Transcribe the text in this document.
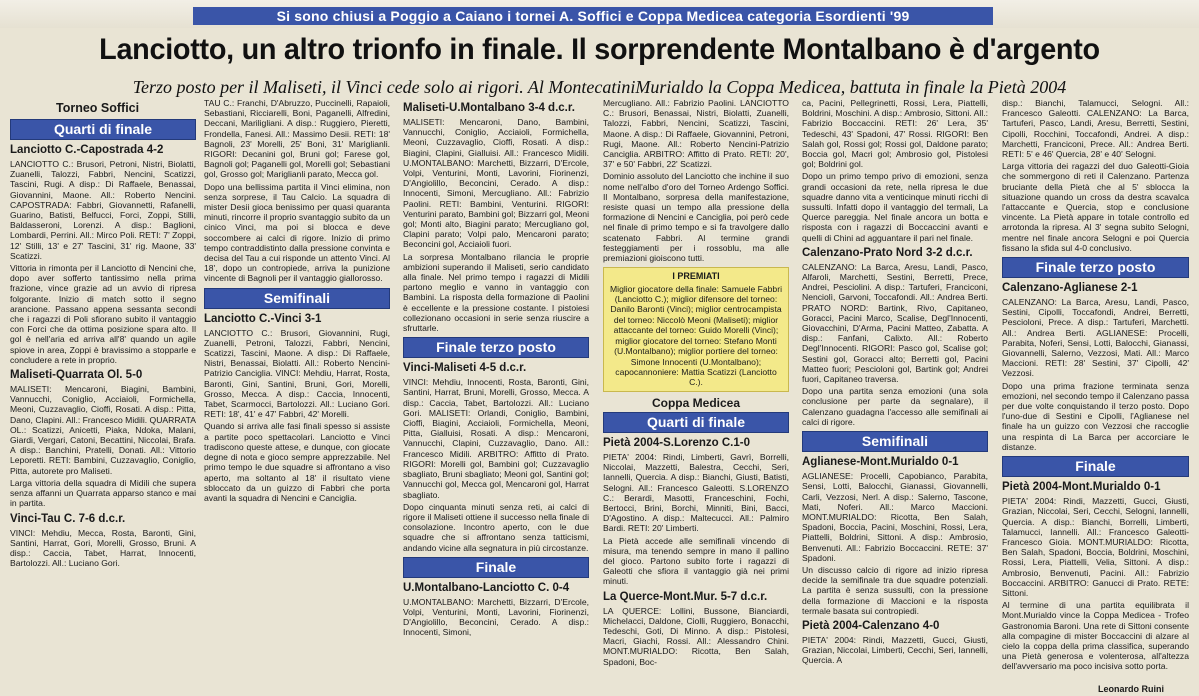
Si sono chiusi a Poggio a Caiano i tornei A. Soffici e Coppa Medicea categoria Esordienti '99
Lanciotto, un altro trionfo in finale. Il sorprendente Montalbano è d'argento
Terzo posto per il Maliseti, il Vinci cede solo ai rigori. Al MontecatiniMurialdo la Coppa Medicea, battuta in finale la Pietà 2004
Torneo Soffici
Quarti di finale
Lanciotto C.-Capostrada 4-2

LANCIOTTO C.: Brusori, Petroni, Nistri, Biolatti, Zuanelli, Talozzi, Fabbri, Nencini, Scatizzi, Tascini, Rugi. A disp.: Di Raffaele, Benassai, Giovannini, Maone. All.: Roberto Nencini. CAPOSTRADA: Fabbri, Giovannetti, Rafanelli, Guarino, Batisti, Belfucci, Forci, Zoppi, Stilli, Baldasseroni, Lorenzi. A disp.: Baglioni, Lombardi, Perrini. All.: Mirco Poli. RETI: 7' Zoppi, 12' Stilli, 13' e 27' Tascini, 31' rig. Maone, 33' Scatizzi.

Vittoria in rimonta per il Lanciotto di Nencini che, dopo aver sofferto tantissimo nella prima frazione, vince grazie ad un avvio di ripresa folgorante. Inizio di match sotto il segno arancione. Passano appena sessanta secondi che i ragazzi di Poli sfiorano subito il vantaggio con Forci che da ottima posizione spara alto. Il gol è nell'aria ed arriva all'8' quando un agile spiove in area, Zoppi è bravissimo a stopparle e concludere a rete in proprio.

Maliseti-Quarrata Ol. 5-0

MALISETI: Mencaroni, Biagini, Bambini, Vannucchi, Coniglio, Acciaioli, Formichella, Meoni, Cuzzavaglio, Cioffi, Rosati. A disp.: Pitta, Dano, Clapini. All.: Francesco Midili. QUARRATA OL.: Scatizzi, Anicetti, Piaka, Ndoka, Malani, Giardi, Vergari, Catoni, Becattini, Niccolai, Brafa. A disp.: Banchini, Pratelli, Donati. All.: Vittorio Leporetti. RETI: Bambini, Cuzzavaglio, Coniglio, Pitta, autorete pro Maliseti.

Larga vittoria della squadra di Midili che supera senza affanni un Quarrata apparso stanco e mai in partita.

Vinci-Tau C. 7-6 d.c.r.

VINCI: Mehdiu, Mecca, Rosta, Baronti, Gini, Santini, Harrat, Gori, Morelli, Grosso, Bruni. A disp.: Caccia, Tabet, Harrat, Innocenti, Bartolozzi. All.: Luciano Gori.

TAU C.: Franchi, D'Abruzzo, Puccinelli, Rapaioli, Sebastiani, Ricciarelli, Boni, Paganelli, Alfredini, Deccani, Mariligliani. A disp.: Ruggiero, Pieretti, Frondella, Fanesi. All.: Massimo Desii. RETI: 18' Bagnoli, 23' Morelli, 25' Boni, 31' Mariglianli. RIGORI: Decanini gol, Bruni gol; Farese gol, Bagnoli gol; Paganelli gol, Morelli gol; Sebastiani gol, Grosso gol; Mariglianli parato, Mecca gol.

Dopo una bellissima partita il Vinci elimina, non senza sorprese, il Tau Calcio. La squadra di mister Desii gioca benissimo per quasi quaranta minuti, rincorre il proprio svantaggio subito da un cinico Vinci, ma poi si blocca e deve soccombere ai calci di rigore. Inizio di primo tempo contraddistinto dalla pressione convinta e decisa del Tau a cui risponde un attento Vinci. Al 18', dopo un contropiede, arriva la punizione vincente di Bagnoli per il vantaggio giallorosso.

Semifinali
Lanciotto C.-Vinci 3-1

LANCIOTTO C.: Brusori, Giovannini, Rugi, Zuanelli, Petroni, Talozzi, Fabbri, Nencini, Scatizzi, Tascini, Maone. A disp.: Di Raffaele, Nistri, Benassai, Biolatti. All.: Roberto Nencini-Patrizio Canciglia. VINCI: Mehdiu, Harrat, Rosta, Baronti, Gini, Santini, Bruni, Gori, Morelli, Grosso, Mecca. A disp.: Caccia, Innocenti, Tabet, Scarmocci, Bartolozzi. All.: Luciano Gori. RETI: 18', 41' e 47' Fabbri, 42' Morelli.

Quando si arriva alle fasi finali spesso si assiste a partite poco spettacolari. Lanciotto e Vinci tradiscono queste attese, e dunque, con giocate degne di nota e gioco sempre apprezzabile. Nel primo tempo le due squadre si affrontano a viso aperto, ma soltanto al 18' il risultato viene sbloccato da un guizzo di Fabbri che porta avanti la squadra di Nencini e Canciglia.

Maliseti-U.Montalbano 3-4 d.c.r.

MALISETI: Mencaroni, Dano, Bambini, Vannucchi, Coniglio, Acciaioli, Formichella, Meoni, Cuzzavaglio, Cioffi, Rosati. A disp.: Biagini, Clapini, Gialluisi. All.: Francesco Midili. U.MONTALBANO: Marchetti, Bizzarri, D'Ercole, Volpi, Venturini, Monti, Lavorini, Fiorinenzi, D'Angiolillo, Beconcini, Cerado. A disp.: Innocenti, Simoni, Mercugliano. All.: Fabrizio Paolini. RETI: Bambini, Venturini. RIGORI: Venturini parato, Bambini gol; Bizzarri gol, Meoni gol; Monti alto, Biagini parato; Mercugliano gol, Clapini parato; Volpi palo, Mencaroni parato; Beconcini gol, Acciaioli fuori.

La sorpresa Montalbano rilancia le proprie ambizioni superando il Maliseti, serio candidato alla finale. Nel primo tempo i ragazzi di Midili partono meglio e vanno in vantaggio con Bambini. La risposta della formazione di Paolini è eccellente e la pressione costante. I pistoiesi collezionano occasioni in serie senza riuscire a sfruttarle.

Finale terzo posto
Vinci-Maliseti 4-5 d.c.r.

VINCI: Mehdiu, Innocenti, Rosta, Baronti, Gini, Santini, Harrat, Bruni, Morelli, Grosso, Mecca. A disp.: Caccia, Tabet, Bartolozzi. All.: Luciano Gori. MALISETI: Orlandi, Coniglio, Bambini, Cioffi, Biagini, Acciaioli, Formichella, Meoni, Pitta, Gialluisi, Rosati. A disp.: Mencaroni, Vannucchi, Clapini, Cuzzavaglio, Dano. All.: Francesco Midili. ARBITRO: Affitto di Prato. RIGORI: Morelli gol, Bambini gol; Cuzzavaglio sbagliato, Bruni sbagliato; Meoni gol, Santini gol; Vannucchi gol, Mecca gol, Mencaroni gol, Harrat sbagliato.

Dopo cinquanta minuti senza reti, ai calci di rigore il Maliseti ottiene il successo nella finale di consolazione. Incontro aperto, con le due squadre che si affrontano senza tatticismi, andando vicine alla segnatura in più circostanze.

Finale
U.Montalbano-Lanciotto C. 0-4

U.MONTALBANO: Marchetti, Bizzarri, D'Ercole, Volpi, Venturini, Monti, Lavorini, Fiorinenzi, D'Angiolillo, Beconcini, Cerado. A disp.: Innocenti, Simoni,

Mercugliano. All.: Fabrizio Paolini. LANCIOTTO C.: Brusori, Benassai, Nistri, Biolatti, Zuanelli, Talozzi, Fabbri, Nencini, Scatizzi, Tascini, Maone. A disp.: Di Raffaele, Giovannini, Petroni, Rugi, Maone. All.: Roberto Nencini-Patrizio Canciglia. ARBITRO: Affitto di Prato. RETI: 20', 37' e 50' Fabbri, 22' Scatizzi.

Dominio assoluto del Lanciotto che inchine il suo nome nell'albo d'oro del Torneo Ardengo Soffici. Il Montalbano, sorpresa della manifestazione, resiste quasi un tempo alla pressione della formazione di Nencini e Canciglia, poi però cede nel finale di primo tempo e si fa travolgere dallo scatenato Fabbri. Al termine grandi festeggiamenti per i rossoblu, ma alle premiazioni gioiscono tutti.

I PREMIATI
Miglior giocatore della finale: Samuele Fabbri (Lanciotto C.); miglior difensore del torneo: Danilo Baronti (Vinci); miglior centrocampista del torneo: Niccolò Meoni (Maliseti); miglior attaccante del torneo: Guido Morelli (Vinci); miglior giocatore del torneo: Stefano Monti (U.Montalbano); miglior portiere del torneo: Simone Innocenti (U.Montalbano); capocannoniere: Mattia Scatizzi (Lanciotto C.).
Coppa Medicea
Quarti di finale
Pietà 2004-S.Lorenzo C.1-0

PIETA' 2004: Rindi, Limberti, Gavrì, Borrelli, Niccolai, Mazzetti, Balestra, Cecchi, Seri, Iannelli, Quercia. A disp.: Bianchi, Giusti, Batisti, Selogni. All.: Francesco Galeotti. S.LORENZO C.: Berardi, Masotti, Franceschini, Fochi, Bertocci, Brini, Borchi, Minniti, Bini, Bacci, D'Agostino. A disp.: Maltecucci. All.: Palmiro Bardi. RETI: 20' Limberti.

La Pietà accede alle semifinali vincendo di misura, ma tenendo sempre in mano il pallino del gioco. Partono subito forte i ragazzi di Galeotti che sfiora il vantaggio già nei primi minuti.

La Querce-Mont.Mur. 5-7 d.c.r.

LA QUERCE: Lollini, Bussone, Bianciardi, Michelacci, Daldone, Ciolli, Ruggiero, Bonacchi, Tedeschi, Goti, Di Minno. A disp.: Pistolesi, Macri, Giachi, Rossi. All.: Alessandro Chini. MONT.MURIALDO: Ricotta, Ben Salah, Spadoni, Boc-

ca, Pacini, Pellegrinetti, Rossi, Lera, Piattelli, Boldrini, Moschini. A disp.: Ambrosio, Sittoni. All.: Fabrizio Boccaccini. RETI: 26' Lera, 35' Tedeschi, 43' Spadoni, 47' Rossi. RIGORI: Ben Salah gol, Rossi gol; Rossi gol, Daldone parato; Boccia gol, Macri gol; Ambrosio gol, Pistolesi gol; Boldrini gol.

Dopo un primo tempo privo di emozioni, senza grandi occasioni da rete, nella ripresa le due squadre danno vita a venticinque minuti ricchi di sussulti. Infatti dopo il vantaggio del termali, La Querce pareggia. Nel finale ancora un botta e risposta con i ragazzi di Boccaccini avanti e quelli di Chini ad agguantare il pari nel finale.

Calenzano-Prato Nord 3-2 d.c.r.

CALENZANO: La Barca, Aresu, Landi, Pasco, Alfaroli, Marchetti, Sestini, Berretti, Prece, Andrei, Pesciolini. A disp.: Tartuferi, Franciconi, Nenciolì, Garvoni, Toccafondi. All.: Andrea Berti. PRATO NORD: Bartink, Rivo, Capitaneo, Goracci, Pacini Marco, Scalise, Degl'Innocenti, Giovacchini, D'Arma, Pacini Matteo, Zabatta. A disp.: Fanfani, Calixto. All.: Roberto Degl'Innocenti. RIGORI: Pasco gol, Scalise gol; Sestini gol, Goracci alto; Berretti gol, Pacini Matteo fuori; Pescioloni gol, Bartink gol; Andrei fuori, Capitaneo traversa.

Dopo una partita senza emozioni (una sola conclusione per parte da segnalare), il Calenzano guadagna l'accesso alle semifinali ai calci di rigore.

Semifinali
Aglianese-Mont.Murialdo 0-1

AGLIANESE: Procelli, Capobianco, Parabita, Sensi, Lotti, Balocchi, Gianassi, Giovannelli, Carli, Vezzosi, Nerl. A disp.: Salerno, Tascone, Mati, Noferi. All.: Marco Maccioni. MONT.MURIALDO: Ricotta, Ben Salah, Spadoni, Boccia, Pacini, Moschini, Rossi, Lera, Piattelli, Boldrini, Sittoni. A disp.: Ambrosio, Benvenuti. All.: Fabrizio Boccaccini. RETE: 37' Spadoni.

Un discusso calcio di rigore ad inizio ripresa decide la semifinale tra due squadre potenziali. La partita è senza sussulti, con la pressione della formazione di Maccioni e la risposta termale basata sui contropiedi.

Pietà 2004-Calenzano 4-0

PIETA' 2004: Rindi, Mazzetti, Gucci, Giusti, Grazian, Niccolai, Limberti, Cecchi, Seri, Iannelli, Quercia. A

disp.: Bianchi, Talamucci, Selogni. All.: Francesco Galeotti. CALENZANO: La Barca, Tartuferi, Pasco, Landi, Aresu, Berretti, Sestini, Cipolli, Rocchini, Toccafondi, Andrei. A disp.: Marchetti, Franciconi, Prece. All.: Andrea Berti. RETI: 5' e 46' Quercia, 28' e 40' Selogni.

Larga vittoria dei ragazzi del duo Galeotti-Gioia che sommergono di reti il Calenzano. Partenza bruciante della Pietà che al 5' sblocca la situazione quando un cross da destra scavalca l'attaccante e Quercia, stop e conclusione vincente. La Pietà appare in totale controllo ed arrotonda la ripresa. Al 3' segna subito Selogni, mentre nel finale ancora Selogni e poi Quercia fissano la sfida sul 4-0 conclusivo.

Finale terzo posto
Calenzano-Aglianese 2-1

CALENZANO: La Barca, Aresu, Landi, Pasco, Sestini, Cipolli, Toccafondi, Andrei, Berretti, Pescioloni, Prece. A disp.: Tartuferi, Marchetti. All.: Andrea Berti. AGLIANESE: Procelli, Parabita, Noferi, Sensi, Lotti, Balocchi, Gianassi, Giovannelli, Salerno, Vezzosi, Mati. All.: Marco Maccioni. RETI: 28' Sestini, 37' Cipolli, 42' Vezzosi.

Dopo una prima frazione terminata senza emozioni, nel secondo tempo il Calenzano passa per due volte conquistando il terzo posto. Dopo l'uno-due di Sestini e Cipolli, l'Aglianese nel finale ha un guizzo con Vezzosi che raccoglie una respinta di La Barca per accorciare le distanze.

Finale
Pietà 2004-Mont.Murialdo 0-1

PIETA' 2004: Rindi, Mazzetti, Gucci, Giusti, Grazian, Niccolai, Seri, Cecchi, Selogni, Iannelli, Quercia. A disp.: Bianchi, Borrelli, Limberti, Talamucci, Iannelli. All.: Francesco Galeotti-Francesco Gioia. MONT.MURIALDO: Ricotta, Ben Salah, Spadoni, Boccia, Boldrini, Moschini, Rossi, Lera, Piattelli, Velia, Sittoni. A disp.: Ambrosio, Benvenuti, Pacini. All.: Fabrizio Boccaccini. ARBITRO: Ganucci di Prato. RETE: Sittoni.

Al termine di una partita equilibrata il Mont.Murialdo vince la Coppa Medicea - Trofeo Gastronomia Baroni. Una rete di Sittoni consente alla compagine di mister Boccaccini di alzare al cielo la coppa della prima classifica, superando una Pietà generosa e volenterosa, all'altezza dell'avversario ma poco incisiva sotto porta.

Leonardo Ruini
